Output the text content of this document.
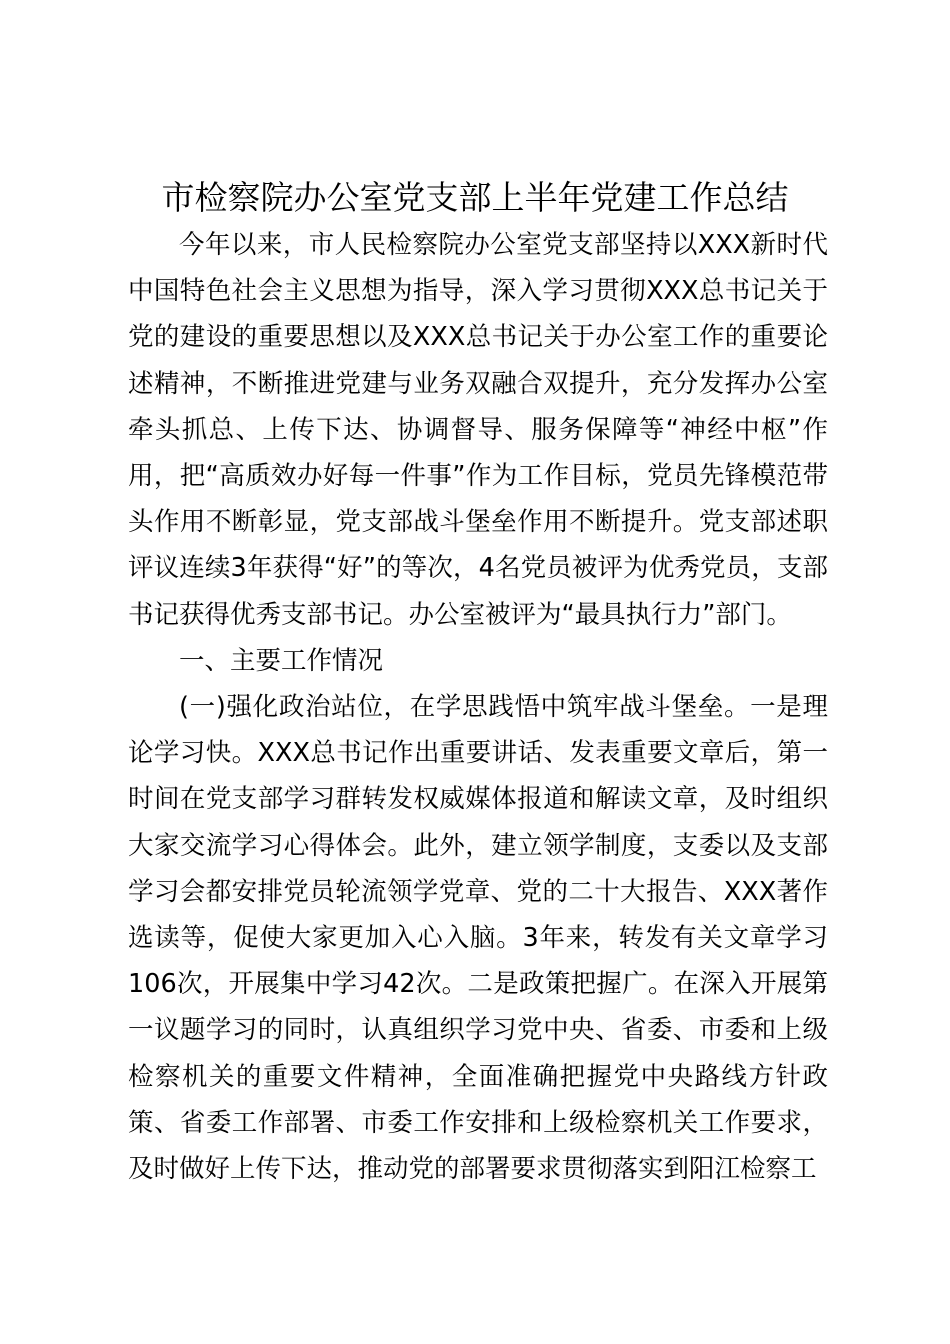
市检察院办公室党支部上半年党建工作总结

今年以来，市人民检察院办公室党支部坚持以XXX新时代中国特色社会主义思想为指导，深入学习贯彻XXX总书记关于党的建设的重要思想以及XXX总书记关于办公室工作的重要论述精神，不断推进党建与业务双融合双提升，充分发挥办公室牵头抓总、上传下达、协调督导、服务保障等“神经中枢”作用，把“高质效办好每一件事”作为工作目标，党员先锋模范带头作用不断彰显，党支部战斗堡垒作用不断提升。党支部述职评议连续3年获得“好”的等次，4名党员被评为优秀党员，支部书记获得优秀支部书记。办公室被评为“最具执行力”部门。

一、主要工作情况

(一)强化政治站位，在学思践悟中筑牢战斗堡垒。一是理论学习快。XXX总书记作出重要讲话、发表重要文章后，第一时间在党支部学习群转发权威媒体报道和解读文章，及时组织大家交流学习心得体会。此外，建立领学制度，支委以及支部学习会都安排党员轮流领学党章、党的二十大报告、XXX著作选读等，促使大家更加入心入脑。3年来，转发有关文章学习106次，开展集中学习42次。二是政策把握广。在深入开展第一议题学习的同时，认真组织学习党中央、省委、市委和上级检察机关的重要文件精神，全面准确把握党中央路线方针政策、省委工作部署、市委工作安排和上级检察机关工作要求，及时做好上传下达，推动党的部署要求贯彻落实到阳江检察工
